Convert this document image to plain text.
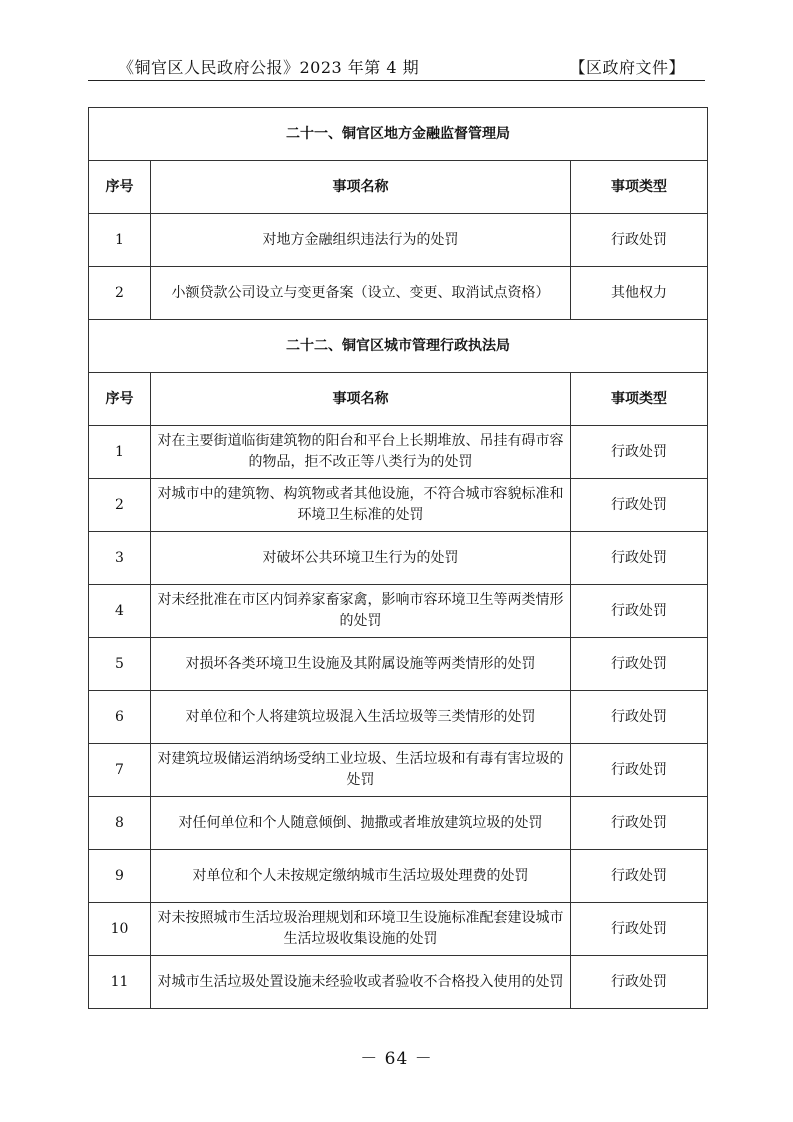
《铜官区人民政府公报》2023 年第 4 期	【区政府文件】
二十一、铜官区地方金融监督管理局		
序号	事项名称	事项类型
1	对地方金融组织违法行为的处罚	行政处罚
2	小额贷款公司设立与变更备案（设立、变更、取消试点资格）	其他权力
二十二、铜官区城市管理行政执法局		
序号	事项名称	事项类型
1	对在主要街道临街建筑物的阳台和平台上长期堆放、吊挂有碍市容的物品，拒不改正等八类行为的处罚	行政处罚
2	对城市中的建筑物、构筑物或者其他设施，不符合城市容貌标准和环境卫生标准的处罚	行政处罚
3	对破坏公共环境卫生行为的处罚	行政处罚
4	对未经批准在市区内饲养家畜家禽，影响市容环境卫生等两类情形的处罚	行政处罚
5	对损坏各类环境卫生设施及其附属设施等两类情形的处罚	行政处罚
6	对单位和个人将建筑垃圾混入生活垃圾等三类情形的处罚	行政处罚
7	对建筑垃圾储运消纳场受纳工业垃圾、生活垃圾和有毒有害垃圾的处罚	行政处罚
8	对任何单位和个人随意倾倒、抛撒或者堆放建筑垃圾的处罚	行政处罚
9	对单位和个人未按规定缴纳城市生活垃圾处理费的处罚	行政处罚
10	对未按照城市生活垃圾治理规划和环境卫生设施标准配套建设城市生活垃圾收集设施的处罚	行政处罚
11	对城市生活垃圾处置设施未经验收或者验收不合格投入使用的处罚	行政处罚
－ 64 －
